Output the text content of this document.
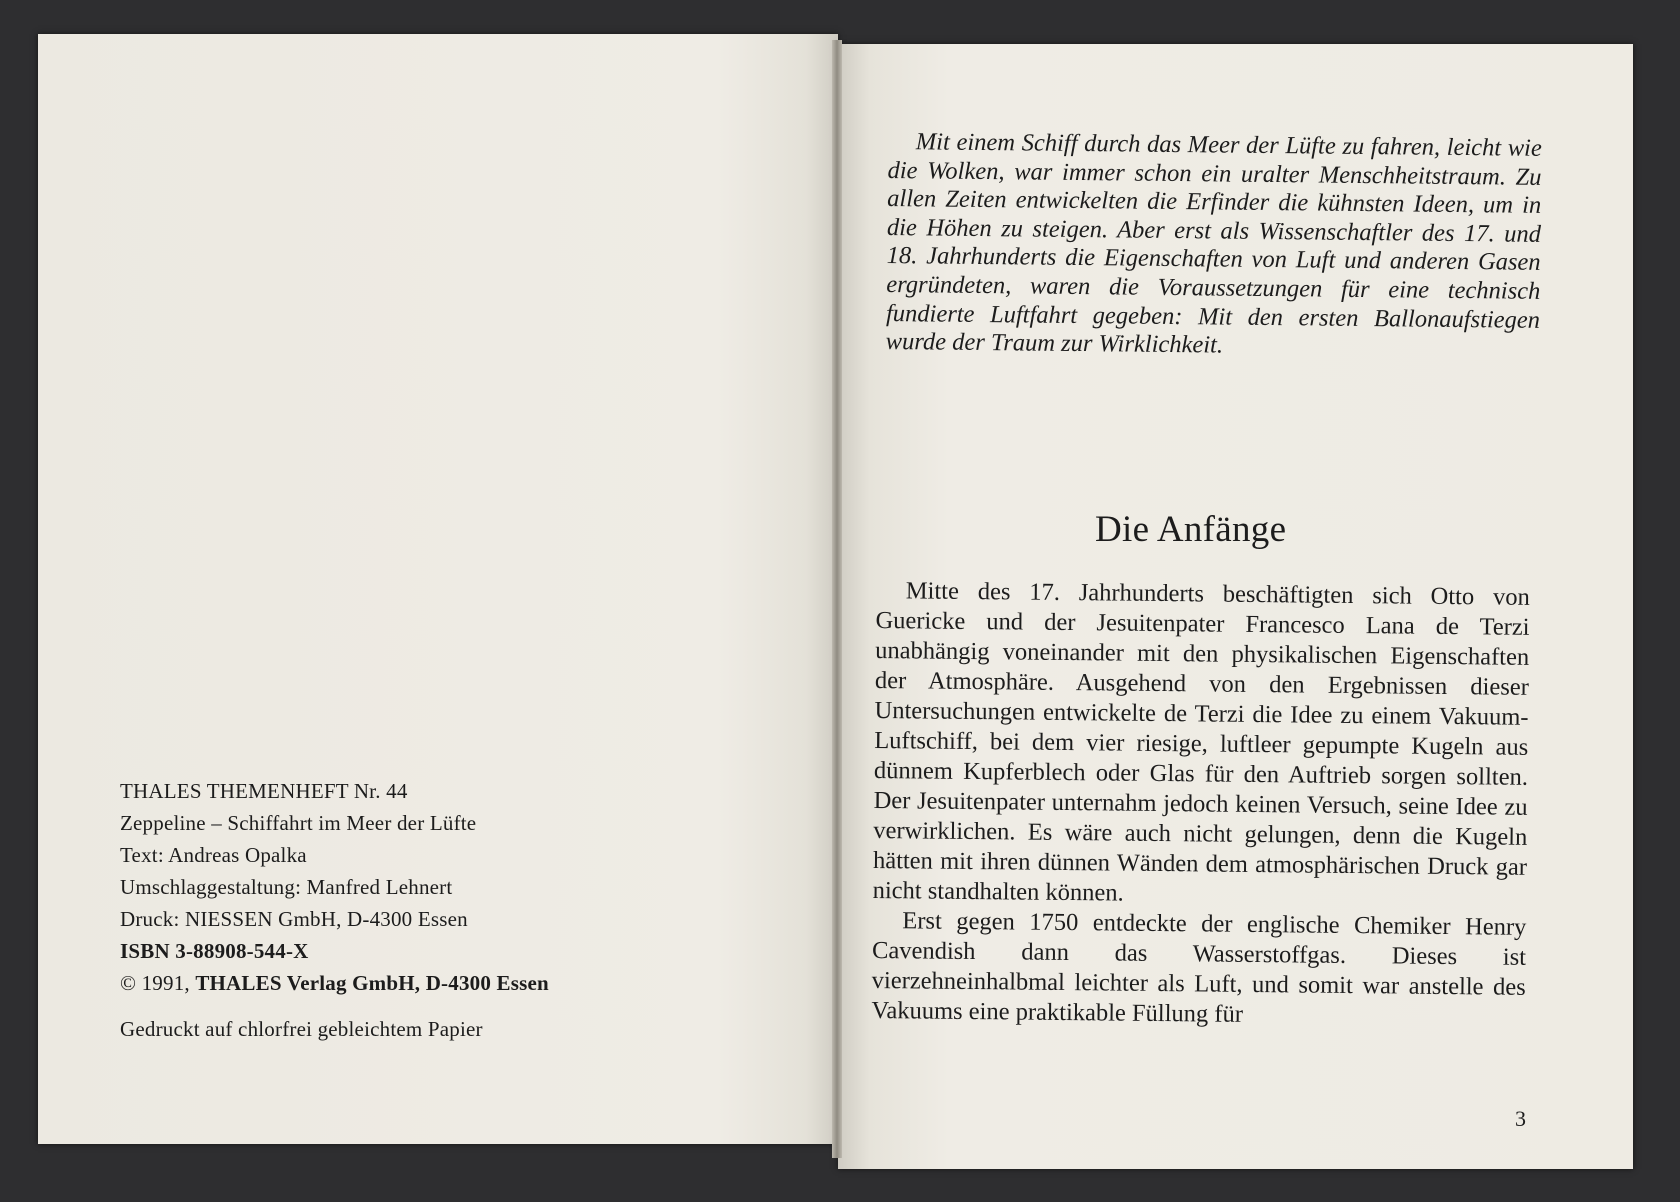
THALES THEMENHEFT Nr. 44
Zeppeline – Schiffahrt im Meer der Lüfte
Text: Andreas Opalka
Umschlaggestaltung: Manfred Lehnert
Druck: NIESSEN GmbH, D-4300 Essen
ISBN 3-88908-544-X
© 1991, THALES Verlag GmbH, D-4300 Essen
Gedruckt auf chlorfrei gebleichtem Papier

Mit einem Schiff durch das Meer der Lüfte zu fahren, leicht wie die Wolken, war immer schon ein uralter Menschheitstraum. Zu allen Zeiten entwickelten die Erfinder die kühnsten Ideen, um in die Höhen zu steigen. Aber erst als Wissenschaftler des 17. und 18. Jahrhunderts die Eigenschaften von Luft und anderen Gasen ergründeten, waren die Voraussetzungen für eine technisch fundierte Luftfahrt gegeben: Mit den ersten Ballonaufstiegen wurde der Traum zur Wirklichkeit.

Die Anfänge

Mitte des 17. Jahrhunderts beschäftigten sich Otto von Guericke und der Jesuitenpater Francesco Lana de Terzi unabhängig voneinander mit den physikalischen Eigenschaften der Atmosphäre. Ausgehend von den Ergebnissen dieser Untersuchungen entwickelte de Terzi die Idee zu einem Vakuum-Luftschiff, bei dem vier riesige, luftleer gepumpte Kugeln aus dünnem Kupferblech oder Glas für den Auftrieb sorgen sollten. Der Jesuitenpater unternahm jedoch keinen Versuch, seine Idee zu verwirklichen. Es wäre auch nicht gelungen, denn die Kugeln hätten mit ihren dünnen Wänden dem atmosphärischen Druck gar nicht standhalten können.

Erst gegen 1750 entdeckte der englische Chemiker Henry Cavendish dann das Wasserstoffgas. Dieses ist vierzehneinhalbmal leichter als Luft, und somit war anstelle des Vakuums eine praktikable Füllung für

3
